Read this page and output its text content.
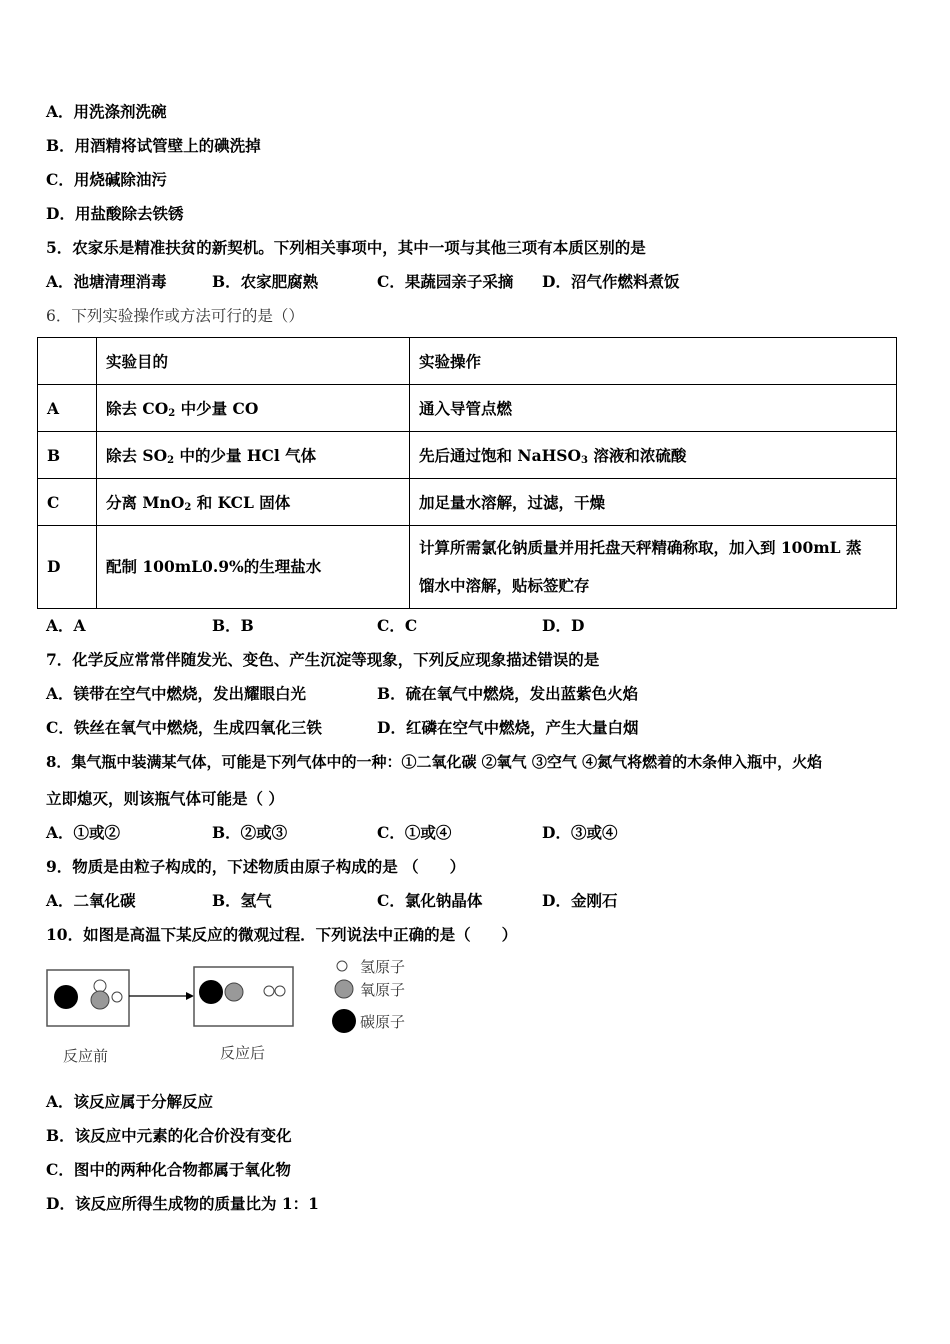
A．用洗涤剂洗碗
B．用酒精将试管壁上的碘洗掉
C．用烧碱除油污
D．用盐酸除去铁锈
5．农家乐是精准扶贫的新契机。下列相关事项中，其中一项与其他三项有本质区别的是
A．池塘清理消毒	B．农家肥腐熟	C．果蔬园亲子采摘 D．沼气作燃料煮饭
6．下列实验操作或方法可行的是（）
	实验目的	实验操作
A	除去 $CO_2$ 中少量 CO	通入导管点燃
B	除去 $SO_2$ 中的少量 HCl 气体	先后通过饱和 NaHSO$_3$ 溶液和浓硫酸
C	分离 MnO$_2$ 和 KCL 固体	加足量水溶解，过滤，干燥
D	配制 100mL0.9%的生理盐水	计算所需氯化钠质量并用托盘天秤精确称取，加入到 100mL 蒸
馏水中溶解，贴标签贮存
A．A	B．B	C．C	D．D
7．化学反应常常伴随发光、变色、产生沉淀等现象，下列反应现象描述错误的是
A．镁带在空气中燃烧，发出耀眼白光	B．硫在氧气中燃烧，发出蓝紫色火焰
C．铁丝在氧气中燃烧，生成四氧化三铁	D．红磷在空气中燃烧，产生大量白烟
8．集气瓶中装满某气体，可能是下列气体中的一种：①二氧化碳 ②氧气 ③空气 ④氮气将燃着的木条伸入瓶中，火焰
立即熄灭，则该瓶气体可能是（ ）
A．①或②	B．②或③	C．①或④	D．③或④
9．物质是由粒子构成的，下述物质由原子构成的是 （　　）
A．二氧化碳	B．氢气	C．氯化钠晶体	D．金刚石
10．如图是高温下某反应的微观过程．下列说法中正确的是（　　）
反应前	反应后
氢原子
氧原子
碳原子
A．该反应属于分解反应
B．该反应中元素的化合价没有变化
C．图中的两种化合物都属于氧化物
D．该反应所得生成物的质量比为 1：1
